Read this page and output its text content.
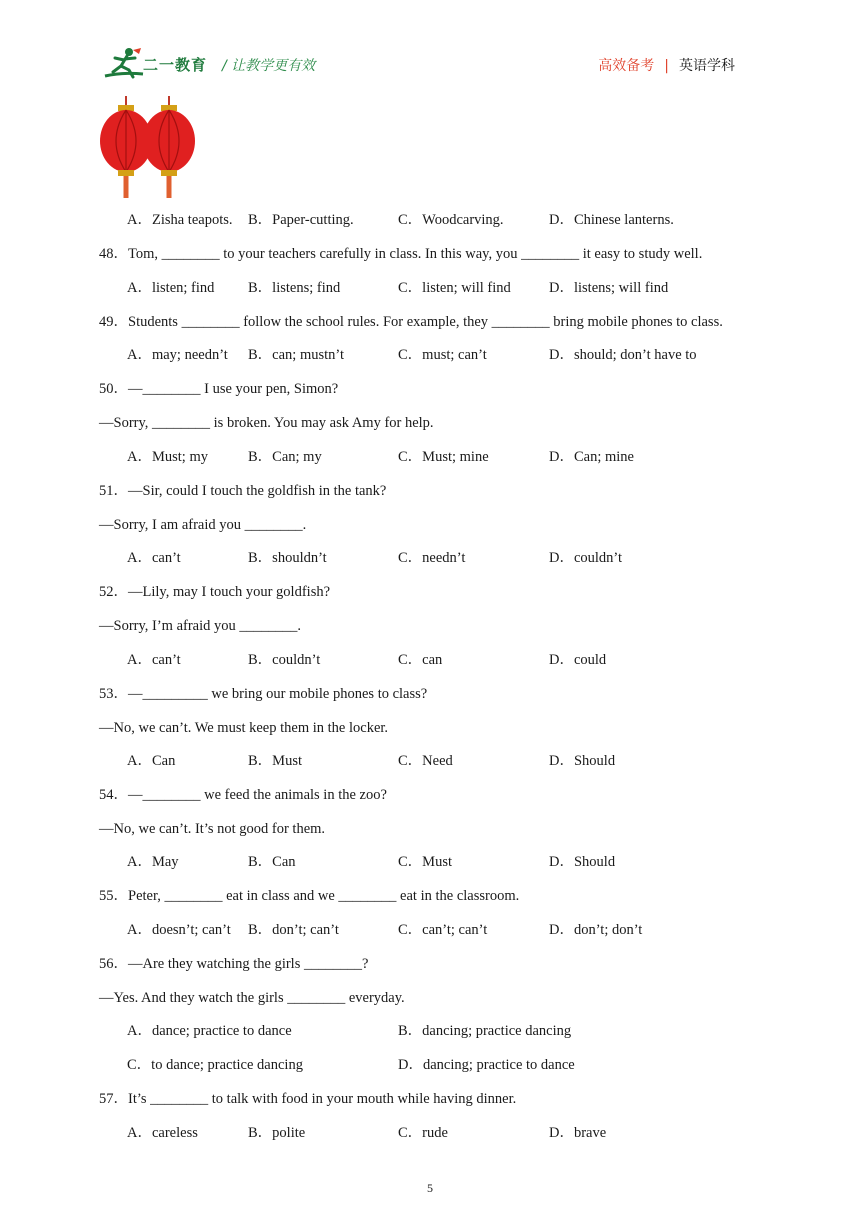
二一教育 / 让教学更有效	高效备考 | 英语学科
A．Zisha teapots. B．Paper-cutting.	C．Woodcarving.	D．Chinese lanterns.
48．Tom, ________ to your teachers carefully in class. In this way, you ________ it easy to study well.
A．listen; find B．listens; find	C．listen; will find	D．listens; will find
49．Students ________ follow the school rules. For example, they ________ bring mobile phones to class.
A．may; needn’t B．can; mustn’t	C．must; can’t	D．should; don’t have to
50．—________ I use your pen, Simon?
—Sorry, ________ is broken. You may ask Amy for help.
A．Must; my	B．Can; my	C．Must; mine	D．Can; mine
51．—Sir, could I touch the goldfish in the tank?
—Sorry, I am afraid you ________.
A．can’t	B．shouldn’t	C．needn’t	D．couldn’t
52．—Lily, may I touch your goldfish?
—Sorry, I’m afraid you ________.
A．can’t	B．couldn’t	C．can	D．could
53．—_________ we bring our mobile phones to class?
—No, we can’t. We must keep them in the locker.
A．Can	B．Must	C．Need	D．Should
54．—________ we feed the animals in the zoo?
—No, we can’t. It’s not good for them.
A．May	B．Can	C．Must	D．Should
55．Peter, ________ eat in class and we ________ eat in the classroom.
A．doesn’t; can’t B．don’t; can’t	C．can’t; can’t	D．don’t; don’t
56．—Are they watching the girls ________?
—Yes. And they watch the girls ________ everyday.
A．dance; practice to dance	B．dancing; practice dancing
C．to dance; practice dancing	D．dancing; practice to dance
57．It’s ________ to talk with food in your mouth while having dinner.
A．careless	B．polite	C．rude	D．brave
5
